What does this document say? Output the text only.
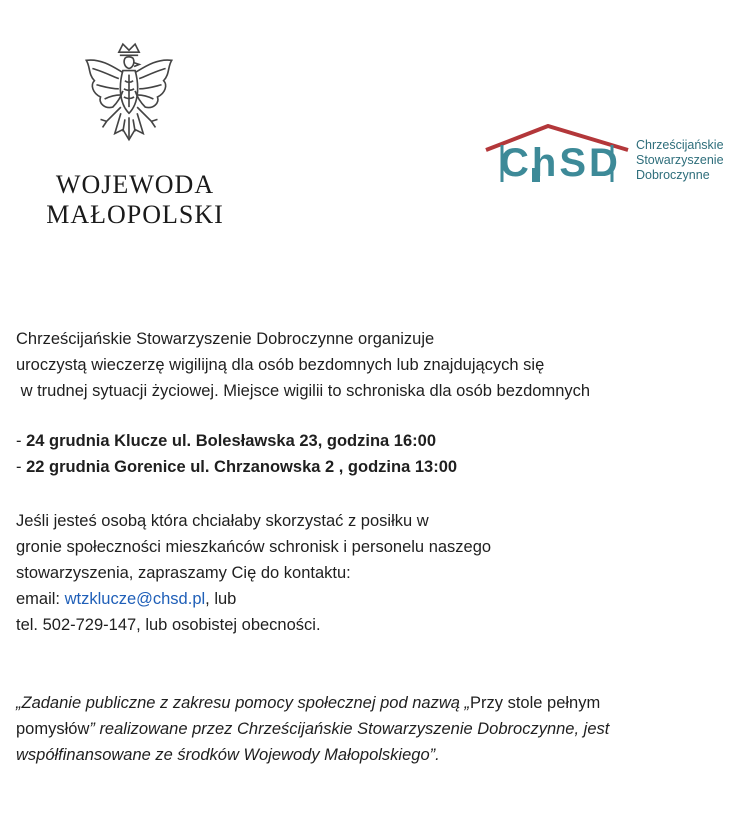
WOJEWODA
MAŁOPOLSKI
ChSD Chrześcijańskie
Stowarzyszenie
Dobroczynne
Chrześcijańskie Stowarzyszenie Dobroczynne organizuje
uroczystą wieczerzę wigilijną dla osób bezdomnych lub znajdujących się
w trudnej sytuacji życiowej. Miejsce wigilii to schroniska dla osób bezdomnych
- 24 grudnia Klucze ul. Bolesławska 23, godzina 16:00
- 22 grudnia Gorenice ul. Chrzanowska 2 , godzina 13:00
Jeśli jesteś osobą która chciałaby skorzystać z posiłku w
gronie społeczności mieszkańców schronisk i personelu naszego
stowarzyszenia, zapraszamy Cię do kontaktu:
email: wtzklucze@chsd.pl, lub
tel. 502-729-147, lub osobistej obecności.
„Zadanie publiczne z zakresu pomocy społecznej pod nazwą „Przy stole pełnym
pomysłów” realizowane przez Chrześcijańskie Stowarzyszenie Dobroczynne, jest
współfinansowane ze środków Wojewody Małopolskiego”.
